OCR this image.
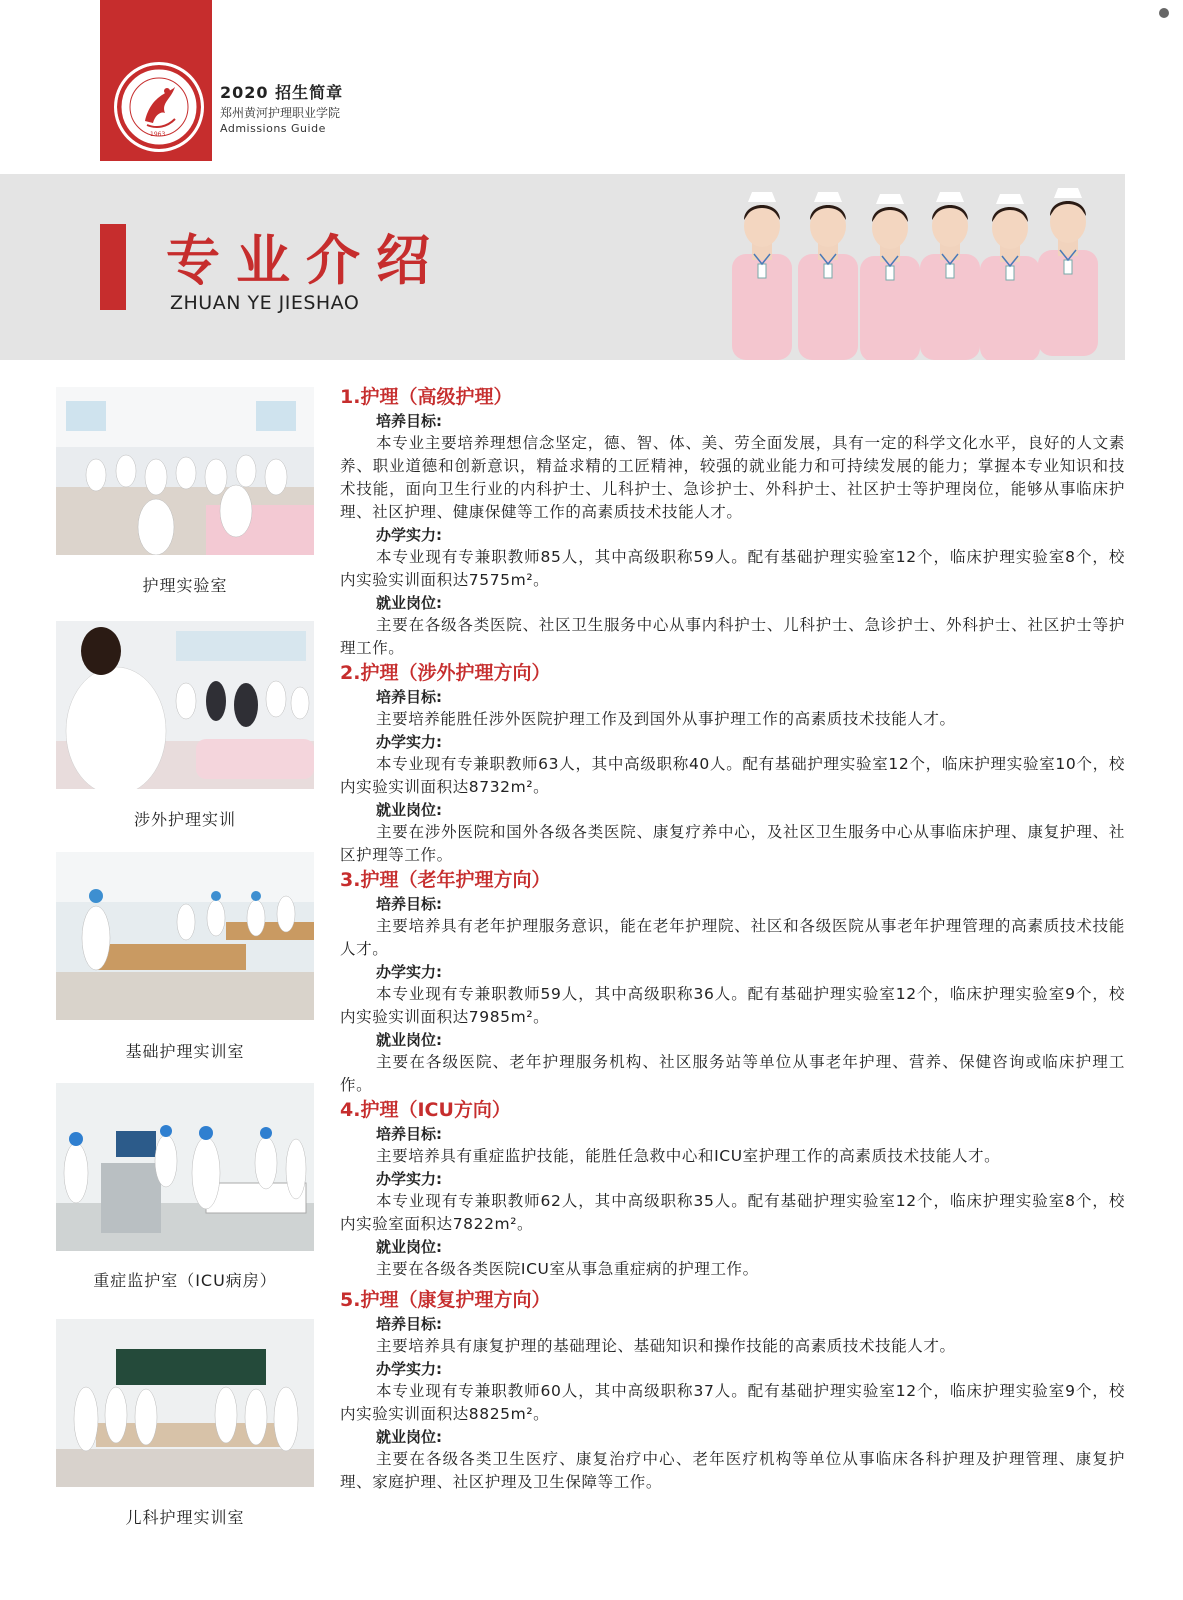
1963
2020 招生简章
郑州黄河护理职业学院
Admissions Guide
专业介绍
ZHUAN YE JIESHAO
护理实验室
涉外护理实训
基础护理实训室
重症监护室（ICU病房）
儿科护理实训室

1.护理（高级护理）

培养目标:

本专业主要培养理想信念坚定，德、智、体、美、劳全面发展，具有一定的科学文化水平，良好的人文素养、职业道德和创新意识，精益求精的工匠精神，较强的就业能力和可持续发展的能力；掌握本专业知识和技术技能，面向卫生行业的内科护士、儿科护士、急诊护士、外科护士、社区护士等护理岗位，能够从事临床护理、社区护理、健康保健等工作的高素质技术技能人才。

办学实力:

本专业现有专兼职教师85人，其中高级职称59人。配有基础护理实验室12个，临床护理实验室8个，校内实验实训面积达7575m²。

就业岗位:

主要在各级各类医院、社区卫生服务中心从事内科护士、儿科护士、急诊护士、外科护士、社区护士等护理工作。

2.护理（涉外护理方向）

培养目标:

主要培养能胜任涉外医院护理工作及到国外从事护理工作的高素质技术技能人才。

办学实力:

本专业现有专兼职教师63人，其中高级职称40人。配有基础护理实验室12个，临床护理实验室10个，校内实验实训面积达8732m²。

就业岗位:

主要在涉外医院和国外各级各类医院、康复疗养中心，及社区卫生服务中心从事临床护理、康复护理、社区护理等工作。

3.护理（老年护理方向）

培养目标:

主要培养具有老年护理服务意识，能在老年护理院、社区和各级医院从事老年护理管理的高素质技术技能人才。

办学实力:

本专业现有专兼职教师59人，其中高级职称36人。配有基础护理实验室12个，临床护理实验室9个，校内实验实训面积达7985m²。

就业岗位:

主要在各级医院、老年护理服务机构、社区服务站等单位从事老年护理、营养、保健咨询或临床护理工作。

4.护理（ICU方向）

培养目标:

主要培养具有重症监护技能，能胜任急救中心和ICU室护理工作的高素质技术技能人才。

办学实力:

本专业现有专兼职教师62人，其中高级职称35人。配有基础护理实验室12个，临床护理实验室8个，校内实验室面积达7822m²。

就业岗位:

主要在各级各类医院ICU室从事急重症病的护理工作。

5.护理（康复护理方向）

培养目标:

主要培养具有康复护理的基础理论、基础知识和操作技能的高素质技术技能人才。

办学实力:

本专业现有专兼职教师60人，其中高级职称37人。配有基础护理实验室12个，临床护理实验室9个，校内实验实训面积达8825m²。

就业岗位:

主要在各级各类卫生医疗、康复治疗中心、老年医疗机构等单位从事临床各科护理及护理管理、康复护理、家庭护理、社区护理及卫生保障等工作。
